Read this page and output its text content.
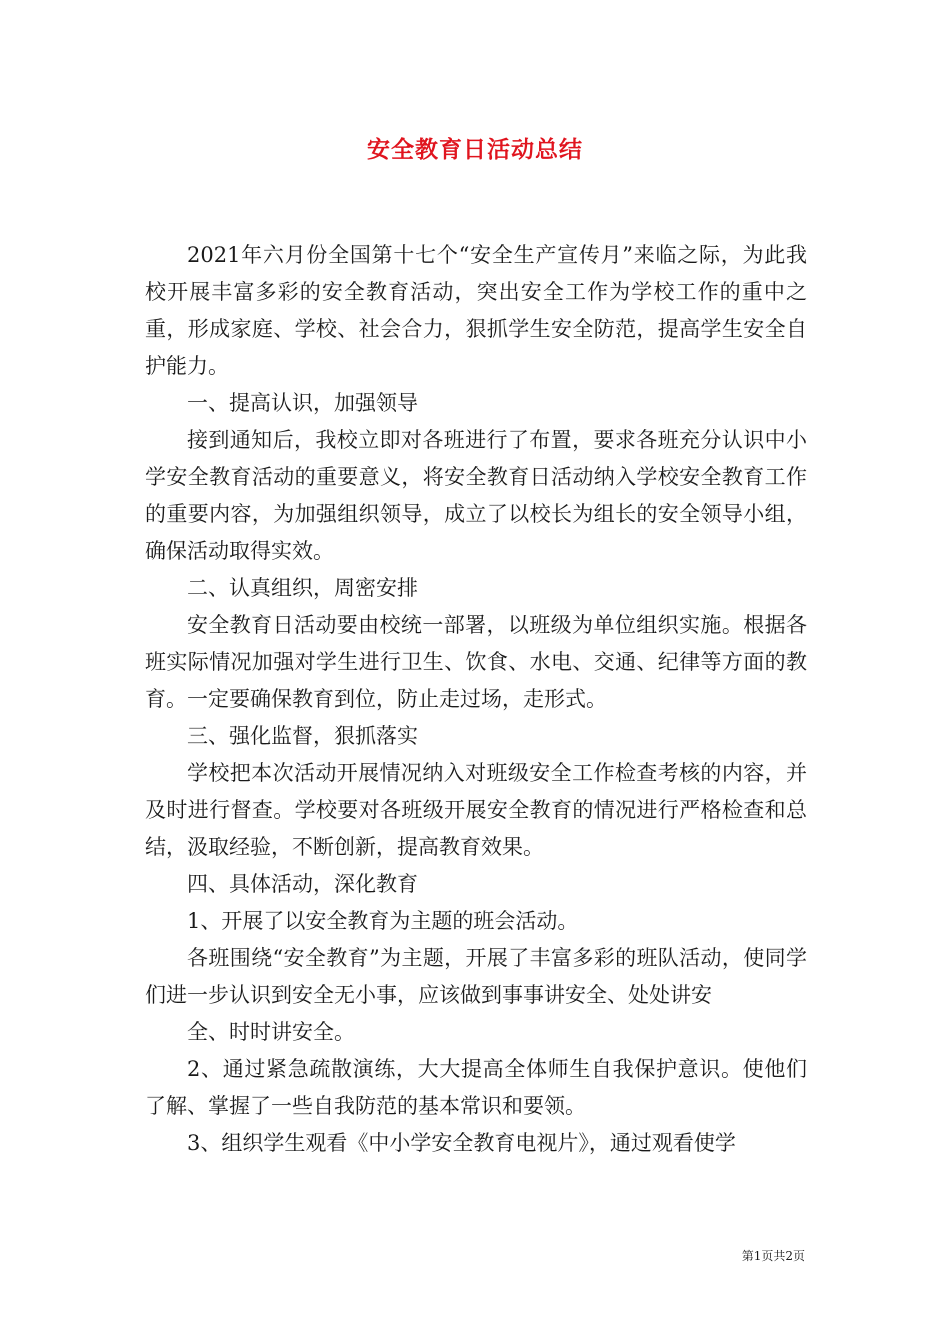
安全教育日活动总结

2021年六月份全国第十七个“安全生产宣传月”来临之际，为此我校开展丰富多彩的安全教育活动，突出安全工作为学校工作的重中之重，形成家庭、学校、社会合力，狠抓学生安全防范，提高学生安全自护能力。

一、提高认识，加强领导

接到通知后，我校立即对各班进行了布置，要求各班充分认识中小学安全教育活动的重要意义，将安全教育日活动纳入学校安全教育工作的重要内容，为加强组织领导，成立了以校长为组长的安全领导小组，确保活动取得实效。

二、认真组织，周密安排

安全教育日活动要由校统一部署，以班级为单位组织实施。根据各班实际情况加强对学生进行卫生、饮食、水电、交通、纪律等方面的教育。一定要确保教育到位，防止走过场，走形式。

三、强化监督，狠抓落实

学校把本次活动开展情况纳入对班级安全工作检查考核的内容，并及时进行督查。学校要对各班级开展安全教育的情况进行严格检查和总结，汲取经验，不断创新，提高教育效果。

四、具体活动，深化教育

1、开展了以安全教育为主题的班会活动。

各班围绕“安全教育”为主题，开展了丰富多彩的班队活动，使同学们进一步认识到安全无小事，应该做到事事讲安全、处处讲安

全、时时讲安全。

2、通过紧急疏散演练，大大提高全体师生自我保护意识。使他们了解、掌握了一些自我防范的基本常识和要领。

3、组织学生观看《中小学安全教育电视片》，通过观看使学

第1页共2页
